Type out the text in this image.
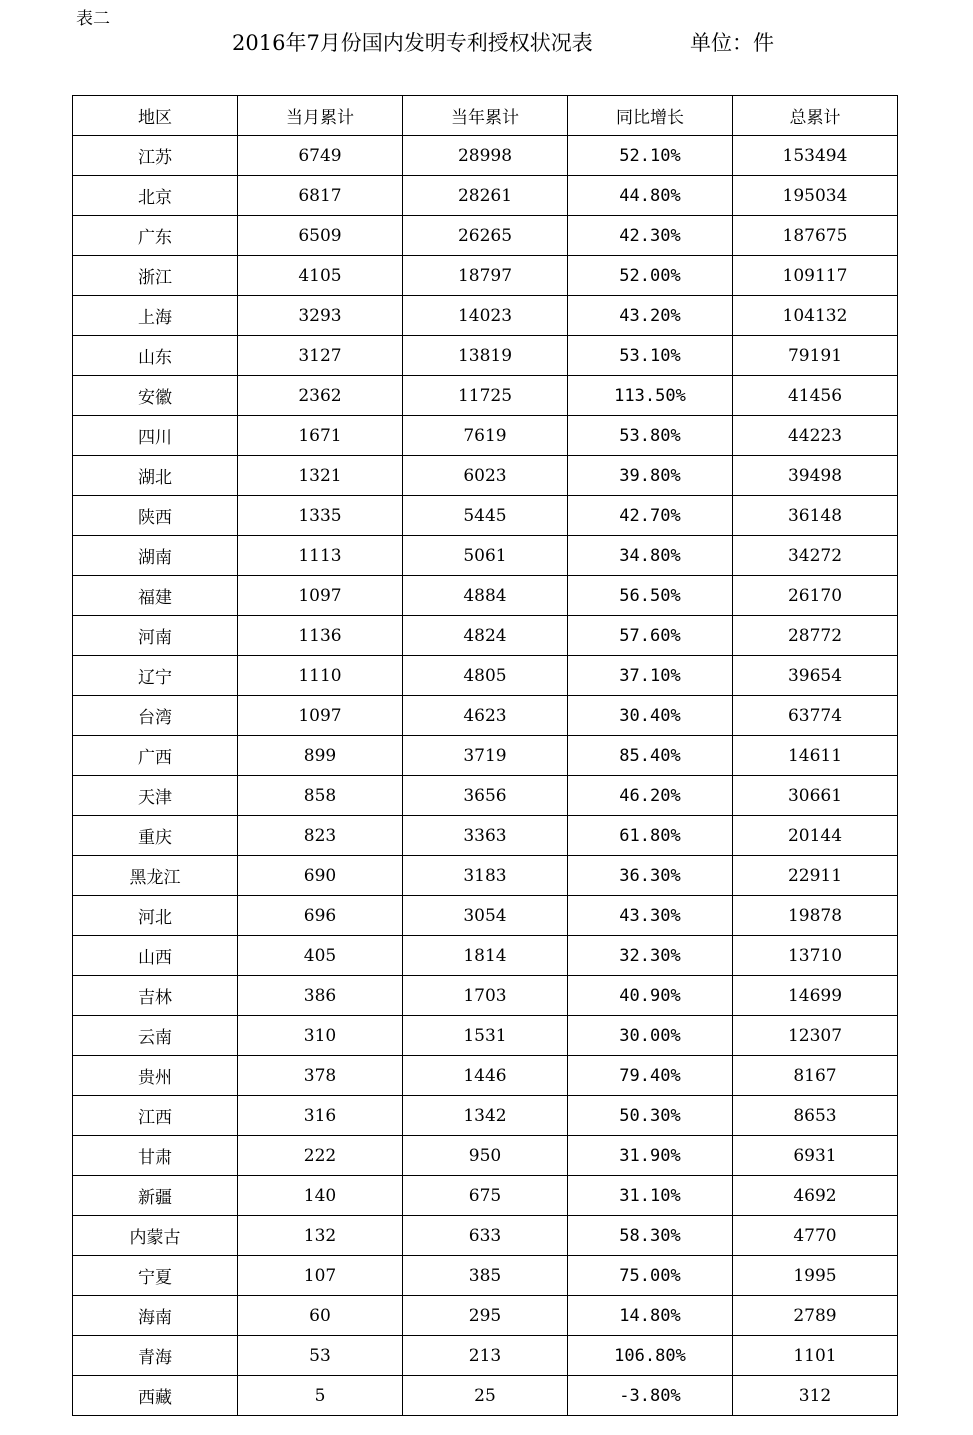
表二
2016年7月份国内发明专利授权状况表	单位：件
地区	当月累计	当年累计	同比增长	总累计
江苏	6749	28998	52.10%	153494
北京	6817	28261	44.80%	195034
广东	6509	26265	42.30%	187675
浙江	4105	18797	52.00%	109117
上海	3293	14023	43.20%	104132
山东	3127	13819	53.10%	79191
安徽	2362	11725	113.50%	41456
四川	1671	7619	53.80%	44223
湖北	1321	6023	39.80%	39498
陕西	1335	5445	42.70%	36148
湖南	1113	5061	34.80%	34272
福建	1097	4884	56.50%	26170
河南	1136	4824	57.60%	28772
辽宁	1110	4805	37.10%	39654
台湾	1097	4623	30.40%	63774
广西	899	3719	85.40%	14611
天津	858	3656	46.20%	30661
重庆	823	3363	61.80%	20144
黑龙江	690	3183	36.30%	22911
河北	696	3054	43.30%	19878
山西	405	1814	32.30%	13710
吉林	386	1703	40.90%	14699
云南	310	1531	30.00%	12307
贵州	378	1446	79.40%	8167
江西	316	1342	50.30%	8653
甘肃	222	950	31.90%	6931
新疆	140	675	31.10%	4692
内蒙古	132	633	58.30%	4770
宁夏	107	385	75.00%	1995
海南	60	295	14.80%	2789
青海	53	213	106.80%	1101
西藏	5	25	-3.80%	312
